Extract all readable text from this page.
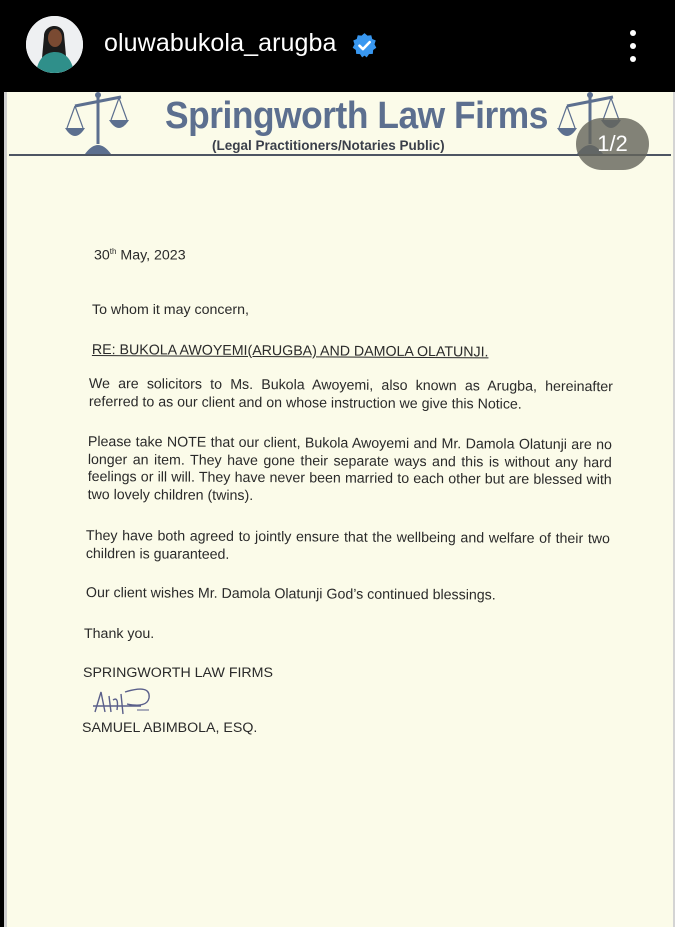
oluwabukola_arugba
Springworth Law Firms
(Legal Practitioners/Notaries Public)
30th May, 2023
To whom it may concern,
RE: BUKOLA AWOYEMI(ARUGBA) AND DAMOLA OLATUNJI.
We are solicitors to Ms. Bukola Awoyemi, also known as Arugba, hereinafter referred to as our client and on whose instruction we give this Notice.
Please take NOTE that our client, Bukola Awoyemi and Mr. Damola Olatunji are no longer an item. They have gone their separate ways and this is without any hard feelings or ill will. They have never been married to each other but are blessed with two lovely children (twins).
They have both agreed to jointly ensure that the wellbeing and welfare of their two children is guaranteed.
Our client wishes Mr. Damola Olatunji God’s continued blessings.
Thank you.
SPRINGWORTH LAW FIRMS
SAMUEL ABIMBOLA, ESQ.
1/2
